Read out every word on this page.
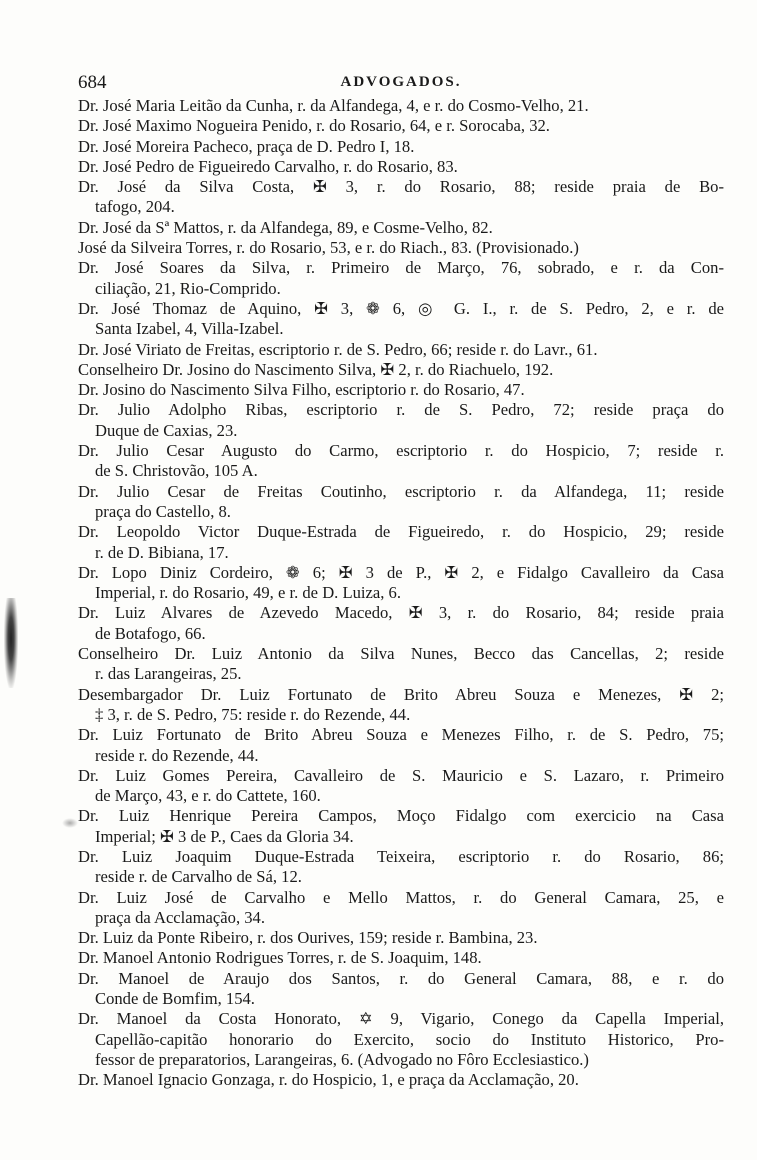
684	ADVOGADOS.
Dr. José Maria Leitão da Cunha, r. da Alfandega, 4, e r. do Cosmo-Velho, 21.
Dr. José Maximo Nogueira Penido, r. do Rosario, 64, e r. Sorocaba, 32.
Dr. José Moreira Pacheco, praça de D. Pedro I, 18.
Dr. José Pedro de Figueiredo Carvalho, r. do Rosario, 83.
Dr. José da Silva Costa, ✠ 3, r. do Rosario, 88; reside praia de Bo-
tafogo, 204.
Dr. José da Sª Mattos, r. da Alfandega, 89, e Cosme-Velho, 82.
José da Silveira Torres, r. do Rosario, 53, e r. do Riach., 83. (Provisionado.)
Dr. José Soares da Silva, r. Primeiro de Março, 76, sobrado, e r. da Con-
ciliação, 21, Rio-Comprido.
Dr. José Thomaz de Aquino, ✠ 3, ❁ 6, ◎ G. I., r. de S. Pedro, 2, e r. de
Santa Izabel, 4, Villa-Izabel.
Dr. José Viriato de Freitas, escriptorio r. de S. Pedro, 66; reside r. do Lavr., 61.
Conselheiro Dr. Josino do Nascimento Silva, ✠ 2, r. do Riachuelo, 192.
Dr. Josino do Nascimento Silva Filho, escriptorio r. do Rosario, 47.
Dr. Julio Adolpho Ribas, escriptorio r. de S. Pedro, 72; reside praça do
Duque de Caxias, 23.
Dr. Julio Cesar Augusto do Carmo, escriptorio r. do Hospicio, 7; reside r.
de S. Christovão, 105 A.
Dr. Julio Cesar de Freitas Coutinho, escriptorio r. da Alfandega, 11; reside
praça do Castello, 8.
Dr. Leopoldo Victor Duque-Estrada de Figueiredo, r. do Hospicio, 29; reside
r. de D. Bibiana, 17.
Dr. Lopo Diniz Cordeiro, ❁ 6; ✠ 3 de P., ✠ 2, e Fidalgo Cavalleiro da Casa
Imperial, r. do Rosario, 49, e r. de D. Luiza, 6.
Dr. Luiz Alvares de Azevedo Macedo, ✠ 3, r. do Rosario, 84; reside praia
de Botafogo, 66.
Conselheiro Dr. Luiz Antonio da Silva Nunes, Becco das Cancellas, 2; reside
r. das Larangeiras, 25.
Desembargador Dr. Luiz Fortunato de Brito Abreu Souza e Menezes, ✠ 2;
‡ 3, r. de S. Pedro, 75: reside r. do Rezende, 44.
Dr. Luiz Fortunato de Brito Abreu Souza e Menezes Filho, r. de S. Pedro, 75;
reside r. do Rezende, 44.
Dr. Luiz Gomes Pereira, Cavalleiro de S. Mauricio e S. Lazaro, r. Primeiro
de Março, 43, e r. do Cattete, 160.
Dr. Luiz Henrique Pereira Campos, Moço Fidalgo com exercicio na Casa
Imperial; ✠ 3 de P., Caes da Gloria 34.
Dr. Luiz Joaquim Duque-Estrada Teixeira, escriptorio r. do Rosario, 86;
reside r. de Carvalho de Sá, 12.
Dr. Luiz José de Carvalho e Mello Mattos, r. do General Camara, 25, e
praça da Acclamação, 34.
Dr. Luiz da Ponte Ribeiro, r. dos Ourives, 159; reside r. Bambina, 23.
Dr. Manoel Antonio Rodrigues Torres, r. de S. Joaquim, 148.
Dr. Manoel de Araujo dos Santos, r. do General Camara, 88, e r. do
Conde de Bomfim, 154.
Dr. Manoel da Costa Honorato, ✡ 9, Vigario, Conego da Capella Imperial,
Capellão-capitão honorario do Exercito, socio do Instituto Historico, Pro-
fessor de preparatorios, Larangeiras, 6. (Advogado no Fôro Ecclesiastico.)
Dr. Manoel Ignacio Gonzaga, r. do Hospicio, 1, e praça da Acclamação, 20.
